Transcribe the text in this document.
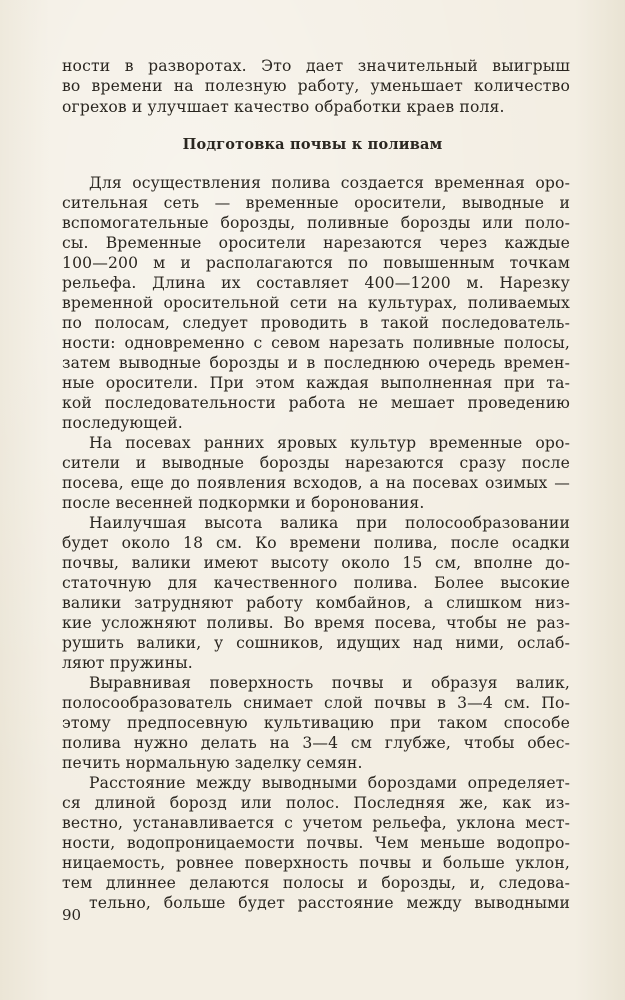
ности в разворотах. Это дает значительный выигрыш
во времени на полезную работу, уменьшает количество
огрехов и улучшает качество обработки краев поля.
Подготовка почвы к поливам
Для осуществления полива создается временная оро-
сительная сеть — временные оросители, выводные и
вспомогательные борозды, поливные борозды или поло-
сы. Временные оросители нарезаются через каждые
100—200 м и располагаются по повышенным точкам
рельефа. Длина их составляет 400—1200 м. Нарезку
временной оросительной сети на культурах, поливаемых
по полосам, следует проводить в такой последователь-
ности: одновременно с севом нарезать поливные полосы,
затем выводные борозды и в последнюю очередь времен-
ные оросители. При этом каждая выполненная при та-
кой последовательности работа не мешает проведению
последующей.
На посевах ранних яровых культур временные оро-
сители и выводные борозды нарезаются сразу после
посева, еще до появления всходов, а на посевах озимых —
после весенней подкормки и боронования.
Наилучшая высота валика при полосообразовании
будет около 18 см. Ко времени полива, после осадки
почвы, валики имеют высоту около 15 см, вполне до-
статочную для качественного полива. Более высокие
валики затрудняют работу комбайнов, а слишком низ-
кие усложняют поливы. Во время посева, чтобы не раз-
рушить валики, у сошников, идущих над ними, ослаб-
ляют пружины.
Выравнивая поверхность почвы и образуя валик,
полосообразователь снимает слой почвы в 3—4 см. По-
этому предпосевную культивацию при таком способе
полива нужно делать на 3—4 см глубже, чтобы обес-
печить нормальную заделку семян.
Расстояние между выводными бороздами определяет-
ся длиной борозд или полос. Последняя же, как из-
вестно, устанавливается с учетом рельефа, уклона мест-
ности, водопроницаемости почвы. Чем меньше водопро-
ницаемость, ровнее поверхность почвы и больше уклон,
тем длиннее делаются полосы и борозды, и, следова-
тельно, больше будет расстояние между выводными
90
